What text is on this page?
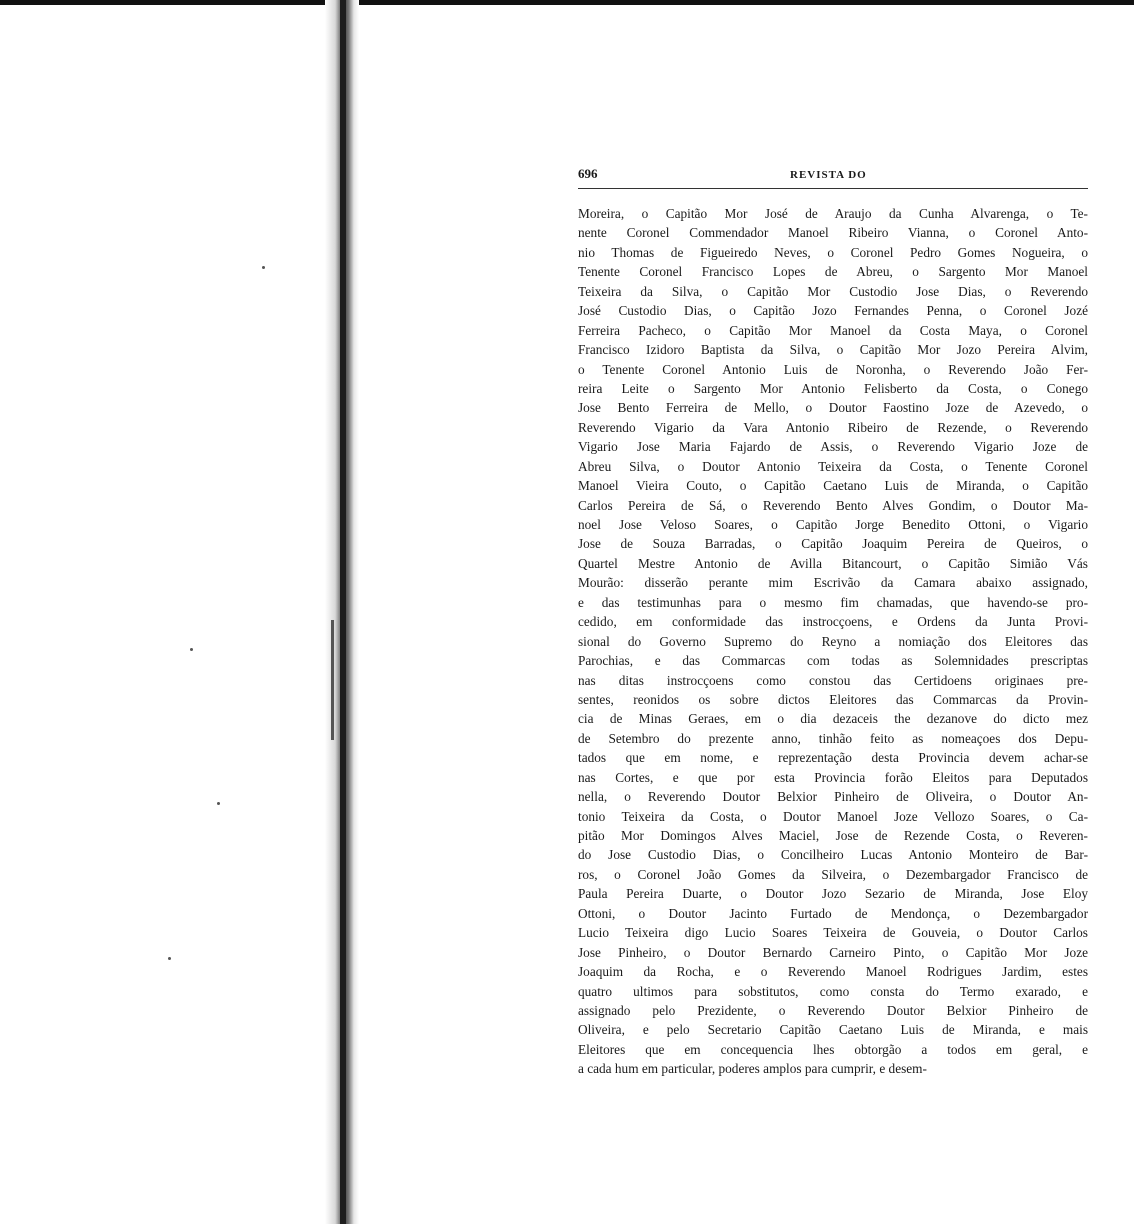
696	REVISTA DO
Moreira, o Capitão Mor José de Araujo da Cunha Alvarenga, o Te-
nente Coronel Commendador Manoel Ribeiro Vianna, o Coronel Anto-
nio Thomas de Figueiredo Neves, o Coronel Pedro Gomes Nogueira, o
Tenente Coronel Francisco Lopes de Abreu, o Sargento Mor Manoel
Teixeira da Silva, o Capitão Mor Custodio Jose Dias, o Reverendo
José Custodio Dias, o Capitão Jozo Fernandes Penna, o Coronel Jozé
Ferreira Pacheco, o Capitão Mor Manoel da Costa Maya, o Coronel
Francisco Izidoro Baptista da Silva, o Capitão Mor Jozo Pereira Alvim,
o Tenente Coronel Antonio Luis de Noronha, o Reverendo João Fer-
reira Leite o Sargento Mor Antonio Felisberto da Costa, o Conego
Jose Bento Ferreira de Mello, o Doutor Faostino Joze de Azevedo, o
Reverendo Vigario da Vara Antonio Ribeiro de Rezende, o Reverendo
Vigario Jose Maria Fajardo de Assis, o Reverendo Vigario Joze de
Abreu Silva, o Doutor Antonio Teixeira da Costa, o Tenente Coronel
Manoel Vieira Couto, o Capitão Caetano Luis de Miranda, o Capitão
Carlos Pereira de Sá, o Reverendo Bento Alves Gondim, o Doutor Ma-
noel Jose Veloso Soares, o Capitão Jorge Benedito Ottoni, o Vigario
Jose de Souza Barradas, o Capitão Joaquim Pereira de Queiros, o
Quartel Mestre Antonio de Avilla Bitancourt, o Capitão Simião Vás
Mourão: disserão perante mim Escrivão da Camara abaixo assignado,
e das testimunhas para o mesmo fim chamadas, que havendo-se pro-
cedido, em conformidade das instrocçoens, e Ordens da Junta Provi-
sional do Governo Supremo do Reyno a nomiação dos Eleitores das
Parochias, e das Commarcas com todas as Solemnidades prescriptas
nas ditas instrocçoens como constou das Certidoens originaes pre-
sentes, reonidos os sobre dictos Eleitores das Commarcas da Provin-
cia de Minas Geraes, em o dia dezaceis the dezanove do dicto mez
de Setembro do prezente anno, tinhão feito as nomeaçoes dos Depu-
tados que em nome, e reprezentação desta Provincia devem achar-se
nas Cortes, e que por esta Provincia forão Eleitos para Deputados
nella, o Reverendo Doutor Belxior Pinheiro de Oliveira, o Doutor An-
tonio Teixeira da Costa, o Doutor Manoel Joze Vellozo Soares, o Ca-
pitão Mor Domingos Alves Maciel, Jose de Rezende Costa, o Reveren-
do Jose Custodio Dias, o Concilheiro Lucas Antonio Monteiro de Bar-
ros, o Coronel João Gomes da Silveira, o Dezembargador Francisco de
Paula Pereira Duarte, o Doutor Jozo Sezario de Miranda, Jose Eloy
Ottoni, o Doutor Jacinto Furtado de Mendonça, o Dezembargador
Lucio Teixeira digo Lucio Soares Teixeira de Gouveia, o Doutor Carlos
Jose Pinheiro, o Doutor Bernardo Carneiro Pinto, o Capitão Mor Joze
Joaquim da Rocha, e o Reverendo Manoel Rodrigues Jardim, estes
quatro ultimos para sobstitutos, como consta do Termo exarado, e
assignado pelo Prezidente, o Reverendo Doutor Belxior Pinheiro de
Oliveira, e pelo Secretario Capitão Caetano Luis de Miranda, e mais
Eleitores que em concequencia lhes obtorgão a todos em geral, e
a cada hum em particular, poderes amplos para cumprir, e desem-
